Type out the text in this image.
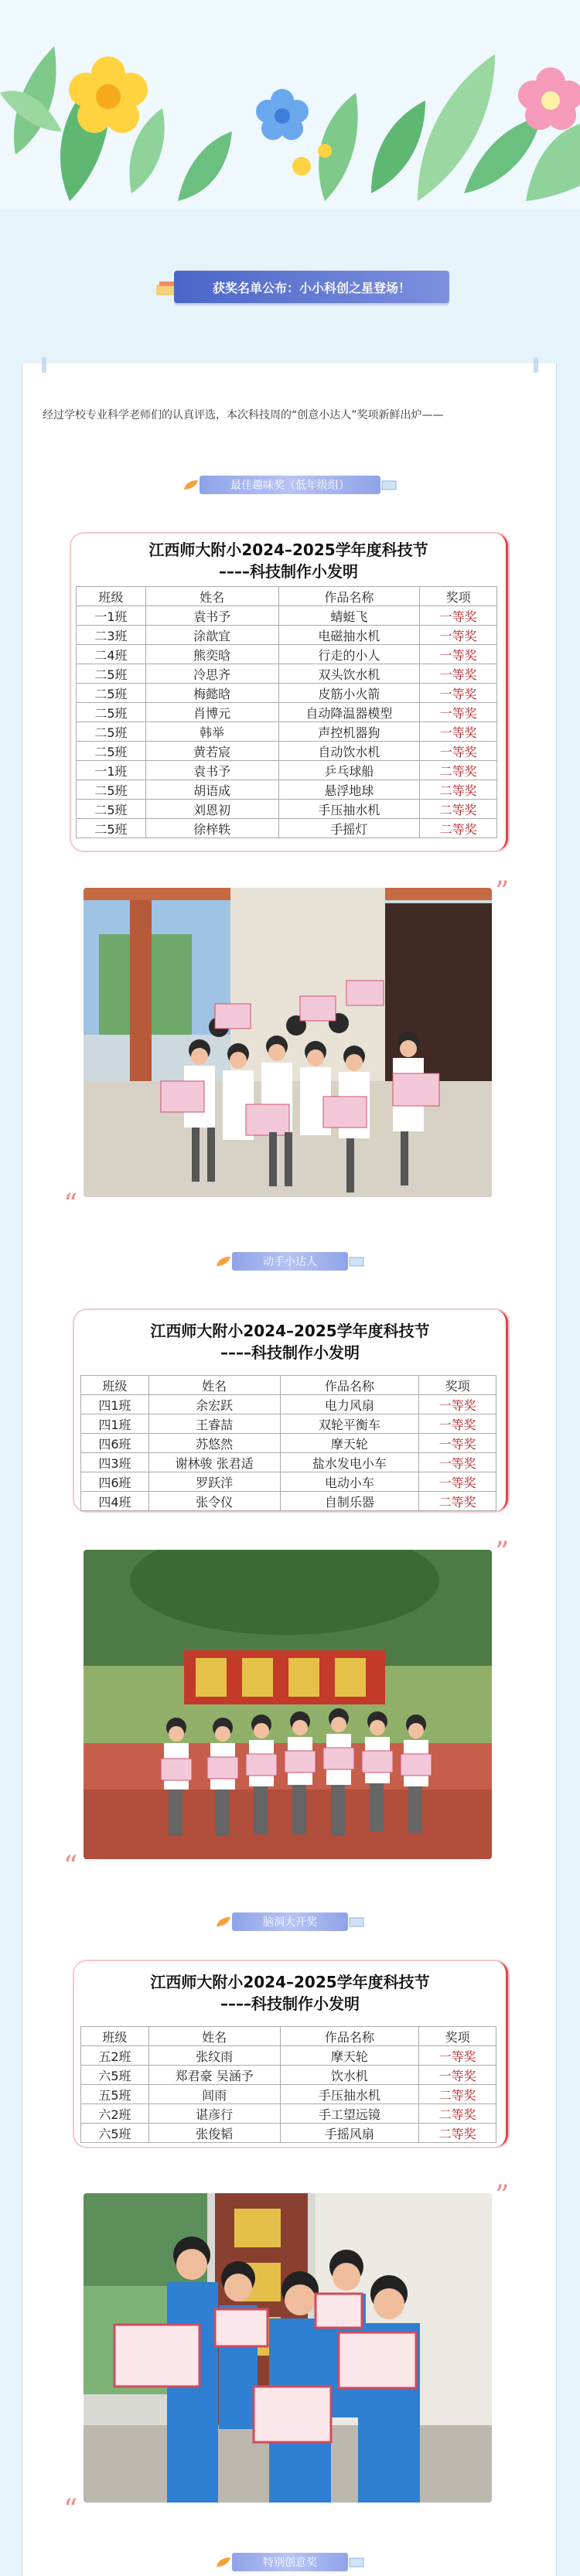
获奖名单公布：小小科创之星登场！
经过学校专业科学老师们的认真评选，本次科技周的“创意小达人”奖项新鲜出炉——
最佳趣味奖（低年级组）
江西师大附小2024–2025学年度科技节
––––科技制作小发明
班级	姓名	作品名称	奖项
一1班	袁书予	蜻蜓飞	一等奖
二3班	涂歆宜	电磁抽水机	一等奖
二4班	熊奕晗	行走的小人	一等奖
二5班	冷思齐	双头饮水机	一等奖
二5班	梅懿晗	皮筋小火箭	一等奖
二5班	肖博元	自动降温器模型	一等奖
二5班	韩举	声控机器狗	一等奖
二5班	黄若宸	自动饮水机	一等奖
一1班	袁书予	乒乓球船	二等奖
二5班	胡语成	悬浮地球	二等奖
二5班	刘恩初	手压抽水机	二等奖
二5班	徐梓轶	手摇灯	二等奖
”
“
动手小达人
江西师大附小2024–2025学年度科技节
––––科技制作小发明
班级	姓名	作品名称	奖项
四1班	余宏跃	电力风扇	一等奖
四1班	王睿喆	双轮平衡车	一等奖
四6班	苏悠然	摩天轮	一等奖
四3班	谢林骏 张君适	盐水发电小车	一等奖
四6班	罗跃洋	电动小车	一等奖
四4班	张令仪	自制乐器	二等奖
”
“
脑洞大开奖
江西师大附小2024–2025学年度科技节
––––科技制作小发明
班级	姓名	作品名称	奖项
五2班	张纹雨	摩天轮	一等奖
六5班	郑君豪 吴涵予	饮水机	一等奖
五5班	闾雨	手压抽水机	二等奖
六2班	谌彦行	手工望远镜	二等奖
六5班	张俊韬	手摇风扇	二等奖
”
“
特别创意奖
